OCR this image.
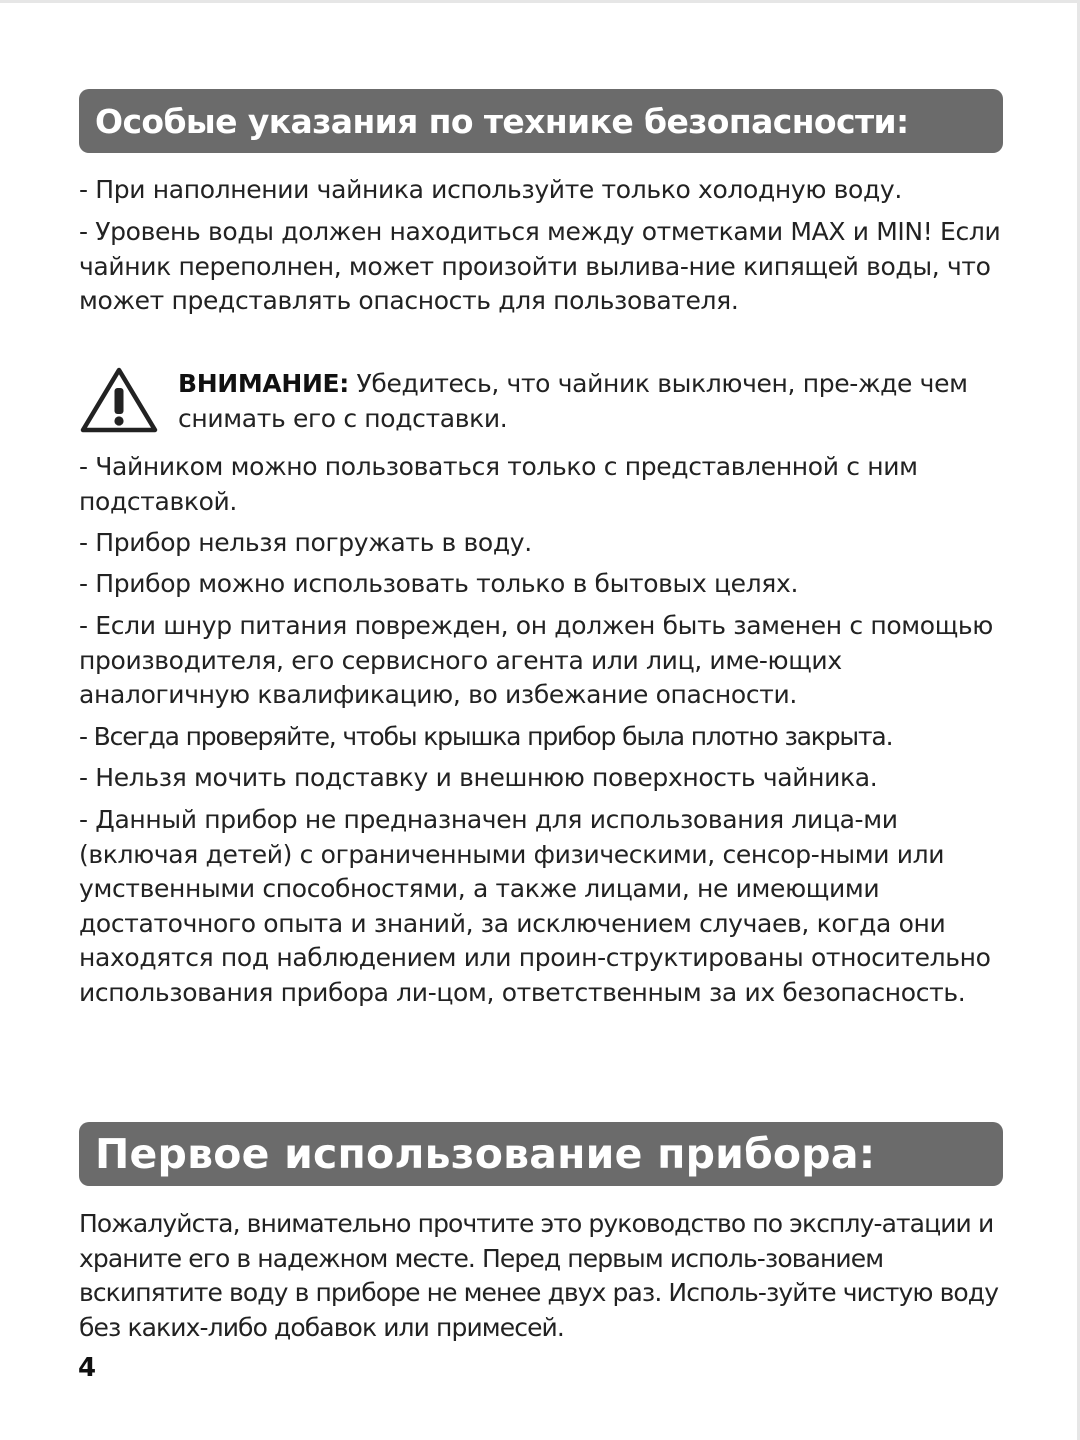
Особые указания по технике безопасности:

- При наполнении чайника используйте только холодную воду.

- Уровень воды должен находиться между отметками MAX и MIN! Если чайник переполнен, может произойти вылива-ние кипящей воды, что может представлять опасность для пользователя.

ВНИМАНИЕ: Убедитесь, что чайник выключен, пре-жде чем снимать его с подставки.

- Чайником можно пользоваться только с представленной с ним подставкой.

- Прибор нельзя погружать в воду.

- Прибор можно использовать только в бытовых целях.

- Если шнур питания поврежден, он должен быть заменен с помощью производителя, его сервисного агента или лиц, име-ющих аналогичную квалификацию, во избежание опасности.

- Всегда проверяйте, чтобы крышка прибор была плотно закрыта.

- Нельзя мочить подставку и внешнюю поверхность чайника.

- Данный прибор не предназначен для использования лица-ми (включая детей) с ограниченными физическими, сенсор-ными или умственными способностями, а также лицами, не имеющими достаточного опыта и знаний, за исключением случаев, когда они находятся под наблюдением или проин-структированы относительно использования прибора ли-цом, ответственным за их безопасность.

Первое использование прибора:

Пожалуйста, внимательно прочтите это руководство по эксплу-атации и храните его в надежном месте. Перед первым исполь-зованием вскипятите воду в приборе не менее двух раз. Исполь-зуйте чистую воду без каких-либо добавок или примесей.

4
